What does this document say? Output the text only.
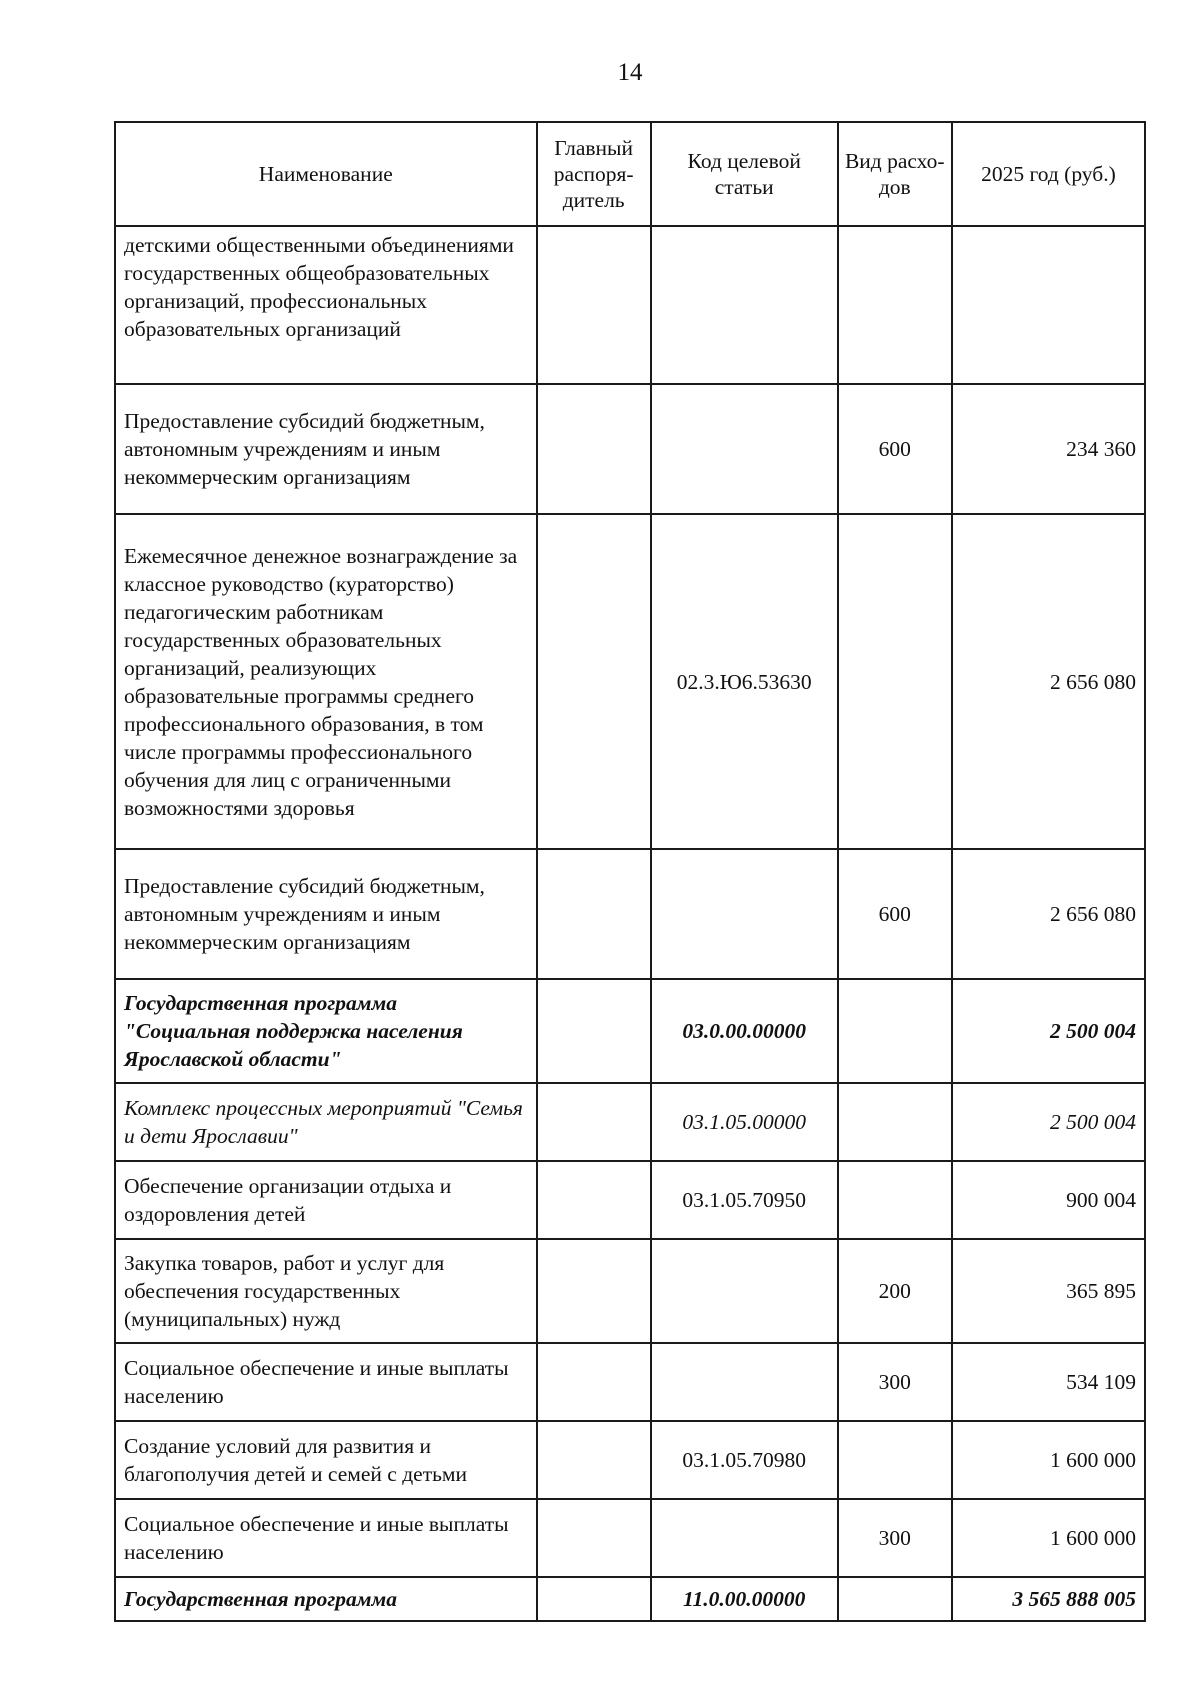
14
Наименование	Главный распоря-дитель	Код целевой статьи	Вид расхо-дов	2025 год (руб.)
детскими общественными объединениями государственных общеобразовательных организаций, профессиональных образовательных организаций				
Предоставление субсидий бюджетным, автономным учреждениям и иным некоммерческим организациям			600	234 360
Ежемесячное денежное вознаграждение за классное руководство (кураторство) педагогическим работникам государственных образовательных организаций, реализующих образовательные программы среднего профессионального образования, в том числе программы профессионального обучения для лиц с ограниченными возможностями здоровья		02.3.Ю6.53630		2 656 080
Предоставление субсидий бюджетным, автономным учреждениям и иным некоммерческим организациям			600	2 656 080
Государственная программа "Социальная поддержка населения Ярославской области"		03.0.00.00000		2 500 004
Комплекс процессных мероприятий "Семья и дети Ярославии"		03.1.05.00000		2 500 004
Обеспечение организации отдыха и оздоровления детей		03.1.05.70950		900 004
Закупка товаров, работ и услуг для обеспечения государственных (муниципальных) нужд			200	365 895
Социальное обеспечение и иные выплаты населению			300	534 109
Создание условий для развития и благополучия детей и семей с детьми		03.1.05.70980		1 600 000
Социальное обеспечение и иные выплаты населению			300	1 600 000
Государственная программа		11.0.00.00000		3 565 888 005
